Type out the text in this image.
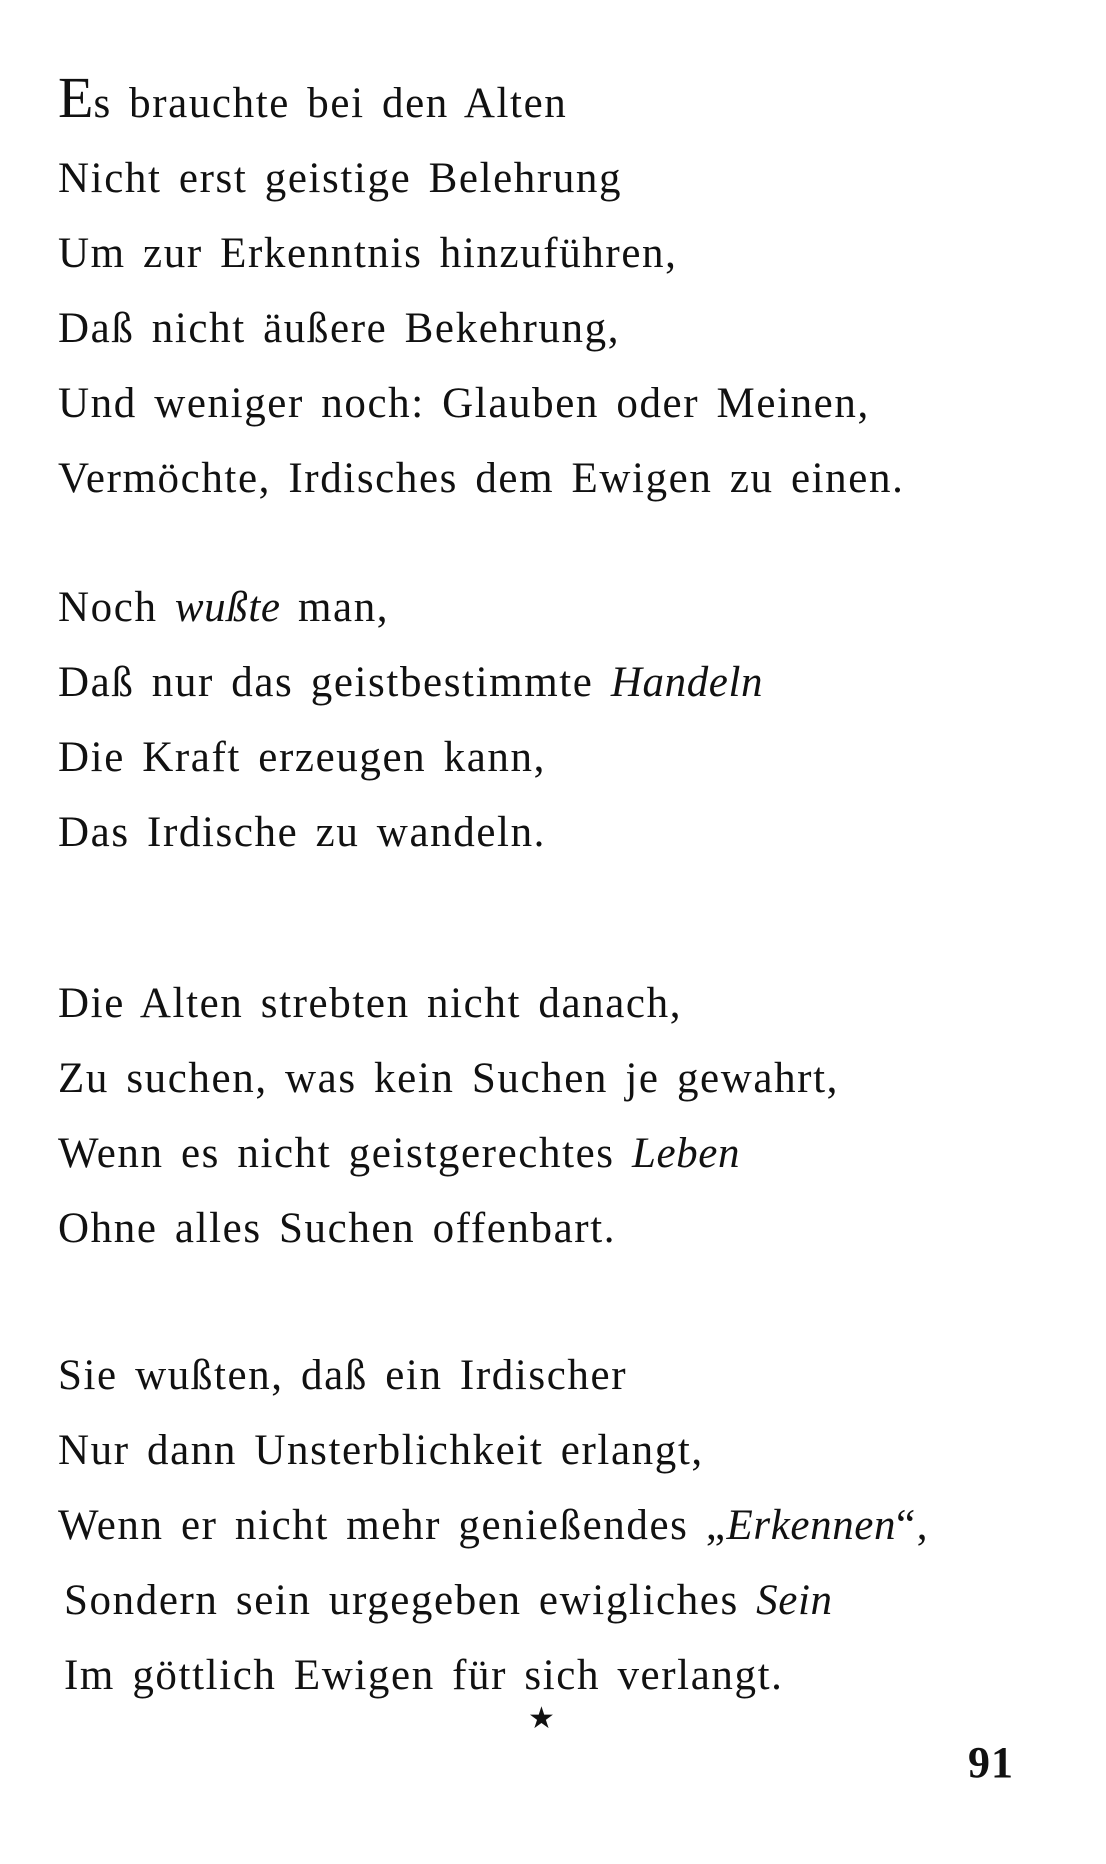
Es brauchte bei den Alten
Nicht erst geistige Belehrung
Um zur Erkenntnis hinzuführen,
Daß nicht äußere Bekehrung,
Und weniger noch: Glauben oder Meinen,
Vermöchte, Irdisches dem Ewigen zu einen.
Noch wußte man,
Daß nur das geistbestimmte Handeln
Die Kraft erzeugen kann,
Das Irdische zu wandeln.
Die Alten strebten nicht danach,
Zu suchen, was kein Suchen je gewahrt,
Wenn es nicht geistgerechtes Leben
Ohne alles Suchen offenbart.
Sie wußten, daß ein Irdischer
Nur dann Unsterblichkeit erlangt,
Wenn er nicht mehr genießendes „Erkennen“,
Sondern sein urgegeben ewigliches Sein
Im göttlich Ewigen für sich verlangt.
★
91
